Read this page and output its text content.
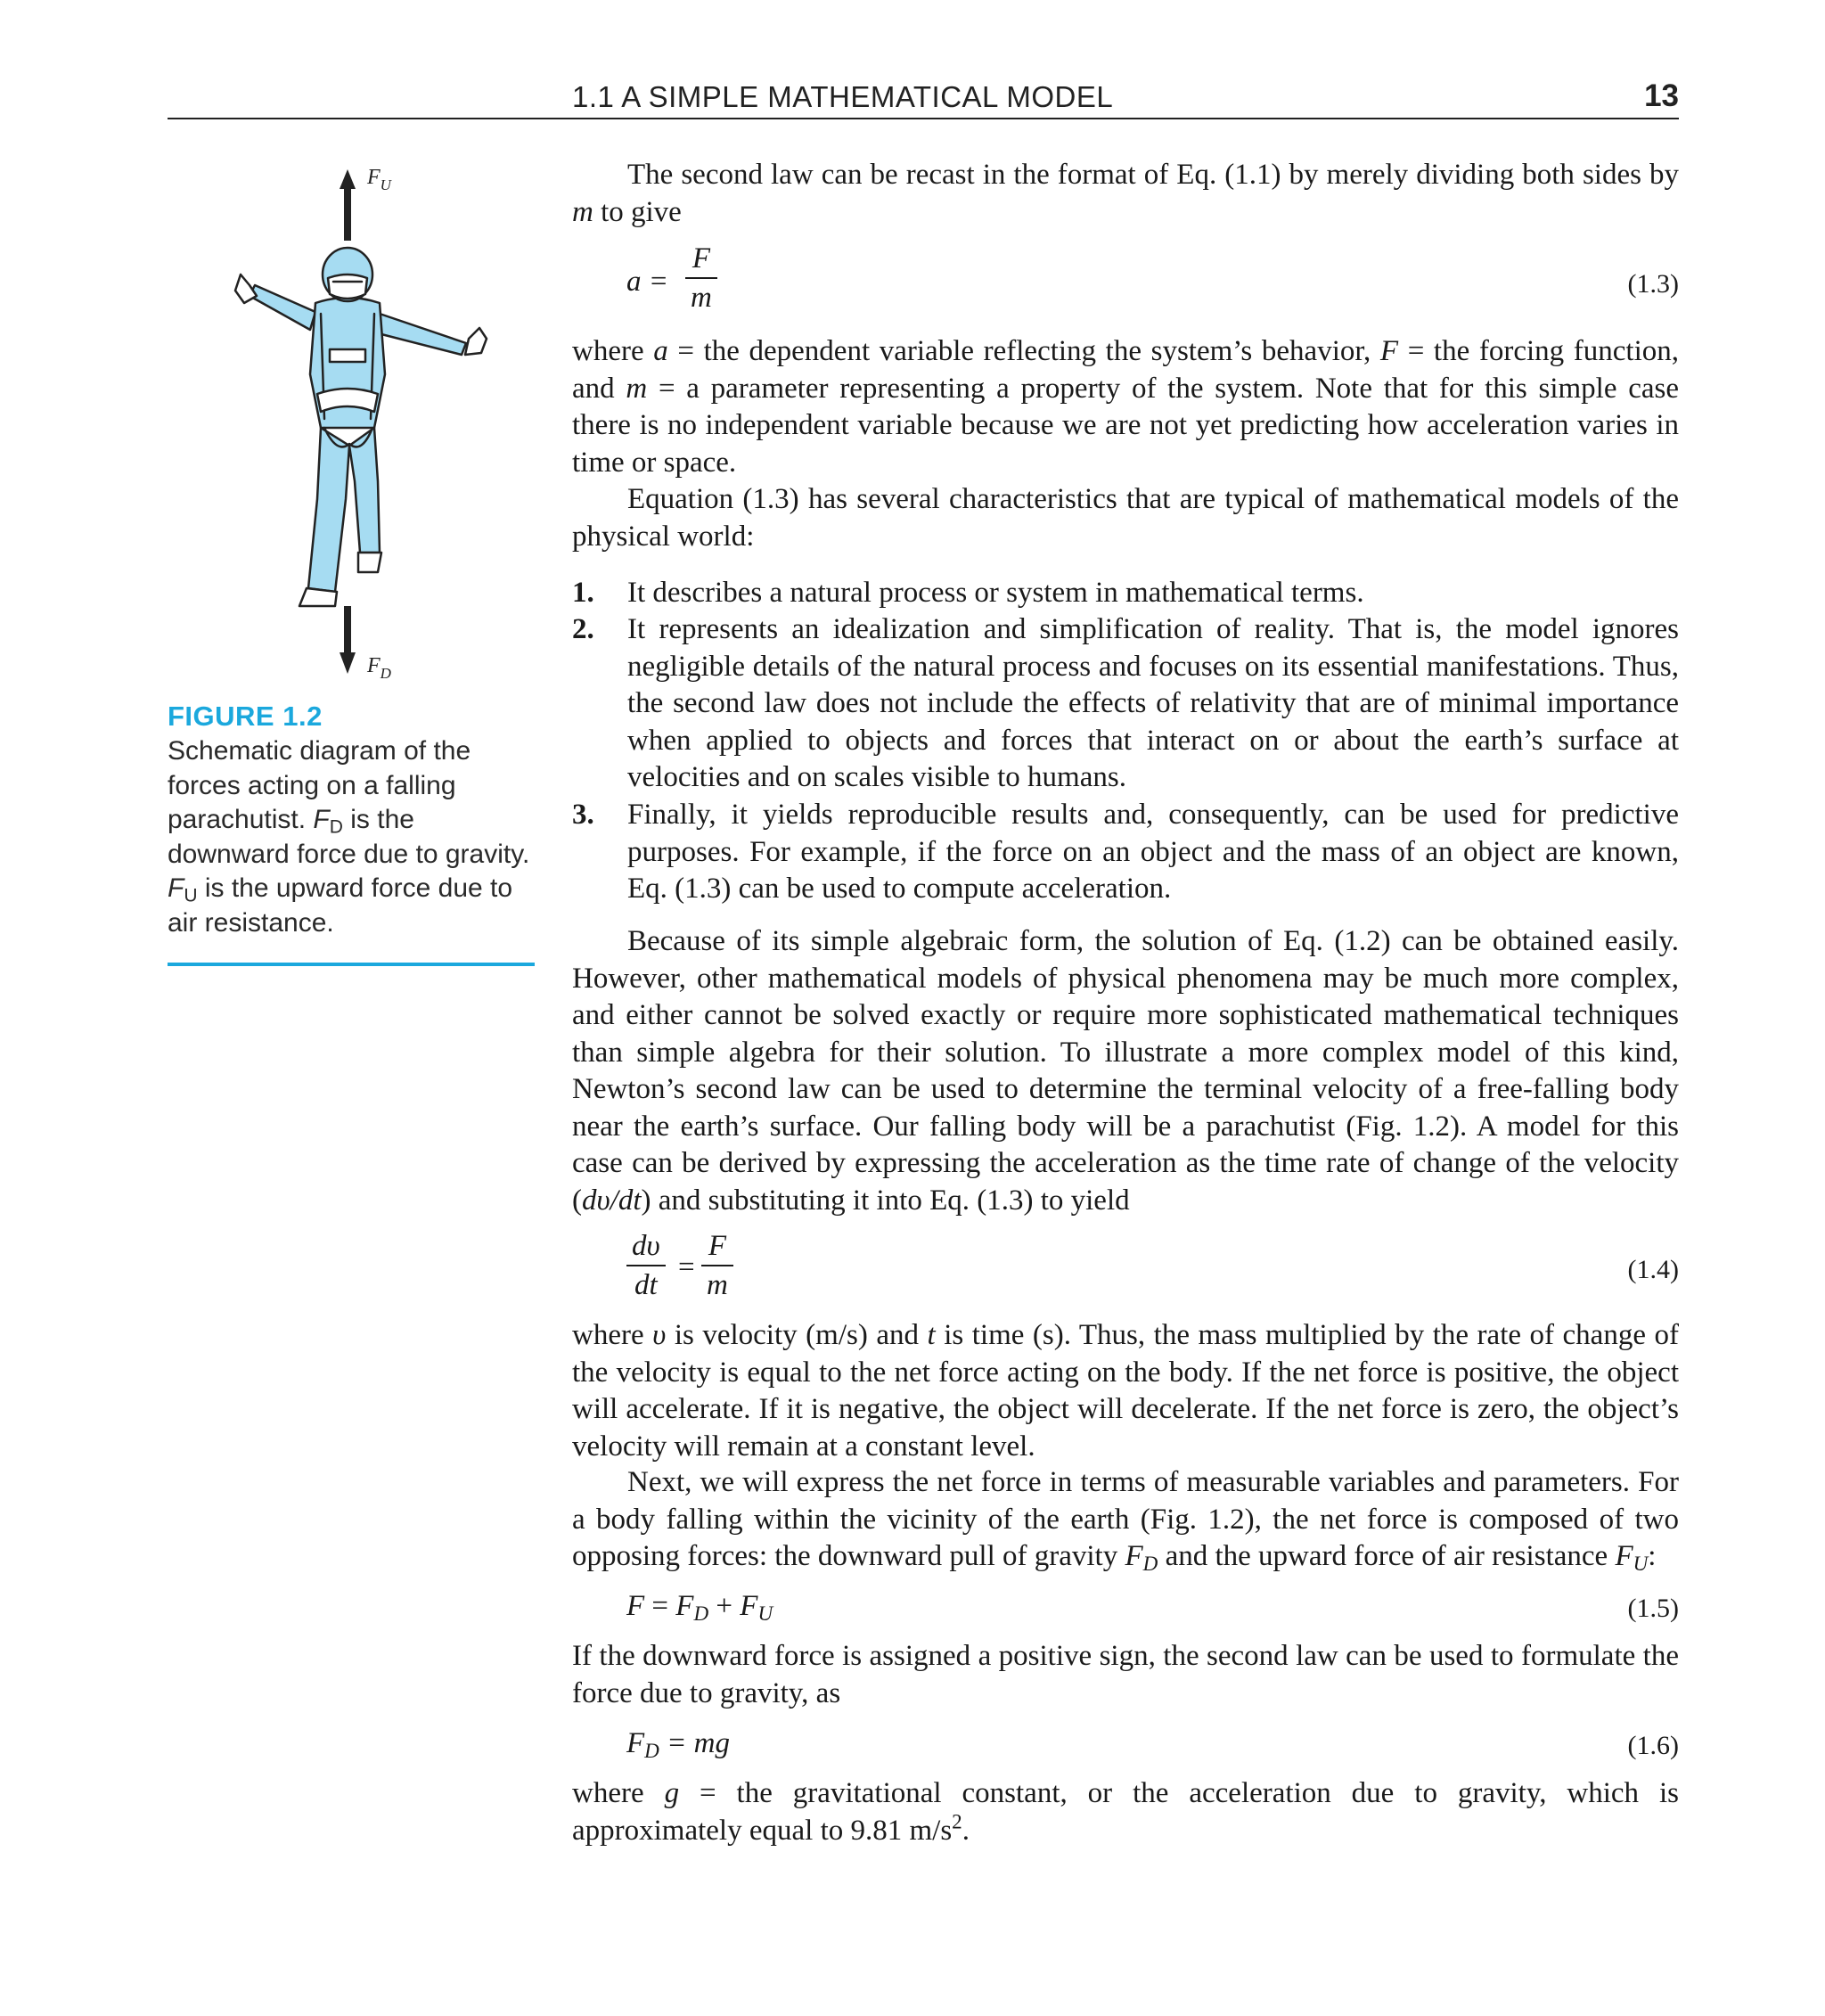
1.1 A SIMPLE MATHEMATICAL MODEL	13
$F_U$
$F_D$
FIGURE 1.2
Schematic diagram of the forces acting on a falling parachutist. $F_D$ is the downward force due to gravity. $F_U$ is the upward force due to air resistance.

The second law can be recast in the format of Eq. (1.1) by merely dividing both sides by m to give

$a = \frac{F}{m}$	(1.3)

where a = the dependent variable reflecting the system’s behavior, F = the forcing function, and m = a parameter representing a property of the system. Note that for this simple case there is no independent variable because we are not yet predicting how acceleration varies in time or space.

Equation (1.3) has several characteristics that are typical of mathematical models of the physical world:

1. It describes a natural process or system in mathematical terms.
2. It represents an idealization and simplification of reality. That is, the model ignores negligible details of the natural process and focuses on its essential manifestations. Thus, the second law does not include the effects of relativity that are of minimal importance when applied to objects and forces that interact on or about the earth’s surface at velocities and on scales visible to humans.
3. Finally, it yields reproducible results and, consequently, can be used for predictive purposes. For example, if the force on an object and the mass of an object are known, Eq. (1.3) can be used to compute acceleration.

Because of its simple algebraic form, the solution of Eq. (1.2) can be obtained easily. However, other mathematical models of physical phenomena may be much more complex, and either cannot be solved exactly or require more sophisticated mathematical techniques than simple algebra for their solution. To illustrate a more complex model of this kind, Newton’s second law can be used to determine the terminal velocity of a free-falling body near the earth’s surface. Our falling body will be a parachutist (Fig. 1.2). A model for this case can be derived by expressing the acceleration as the time rate of change of the velocity (dυ/dt) and substituting it into Eq. (1.3) to yield

$\frac{d\upsilon}{dt} = \frac{F}{m}$	(1.4)

where υ is velocity (m/s) and t is time (s). Thus, the mass multiplied by the rate of change of the velocity is equal to the net force acting on the body. If the net force is positive, the object will accelerate. If it is negative, the object will decelerate. If the net force is zero, the object’s velocity will remain at a constant level.

Next, we will express the net force in terms of measurable variables and parameters. For a body falling within the vicinity of the earth (Fig. 1.2), the net force is composed of two opposing forces: the downward pull of gravity $F_D$ and the upward force of air resistance $F_U$:

$F = F_D + F_U$	(1.5)

If the downward force is assigned a positive sign, the second law can be used to formulate the force due to gravity, as

$F_D$ = mg	(1.6)

where g = the gravitational constant, or the acceleration due to gravity, which is approximately equal to 9.81 $m/s^2$.
